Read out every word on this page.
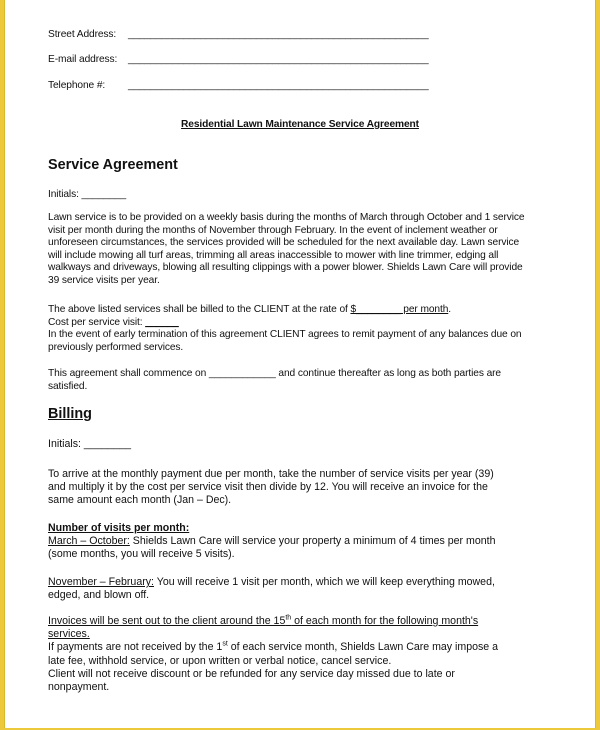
Street Address: ______________________________________________________
E-mail address: ______________________________________________________
Telephone #: ______________________________________________________
Residential Lawn Maintenance Service Agreement
Service Agreement
Initials: ________
Lawn service is to be provided on a weekly basis during the months of March through October and 1 service
visit per month during the months of November through February. In the event of inclement weather or
unforeseen circumstances, the services provided will be scheduled for the next available day. Lawn service
will include mowing all turf areas, trimming all areas inaccessible to mower with line trimmer, edging all
walkways and driveways, blowing all resulting clippings with a power blower. Shields Lawn Care will provide
39 service visits per year.
The above listed services shall be billed to the CLIENT at the rate of $________ per month.
Cost per service visit: ______
In the event of early termination of this agreement CLIENT agrees to remit payment of any balances due on
previously performed services.
This agreement shall commence on ____________ and continue thereafter as long as both parties are
satisfied.
Billing
Initials: ________
To arrive at the monthly payment due per month, take the number of service visits per year (39)
and multiply it by the cost per service visit then divide by 12. You will receive an invoice for the
same amount each month (Jan – Dec).
Number of visits per month:
March – October: Shields Lawn Care will service your property a minimum of 4 times per month
(some months, you will receive 5 visits).
November – February: You will receive 1 visit per month, which we will keep everything mowed,
edged, and blown off.
Invoices will be sent out to the client around the 15th of each month for the following month's
services.
If payments are not received by the 1st of each service month, Shields Lawn Care may impose a
late fee, withhold service, or upon written or verbal notice, cancel service.
Client will not receive discount or be refunded for any service day missed due to late or
nonpayment.
